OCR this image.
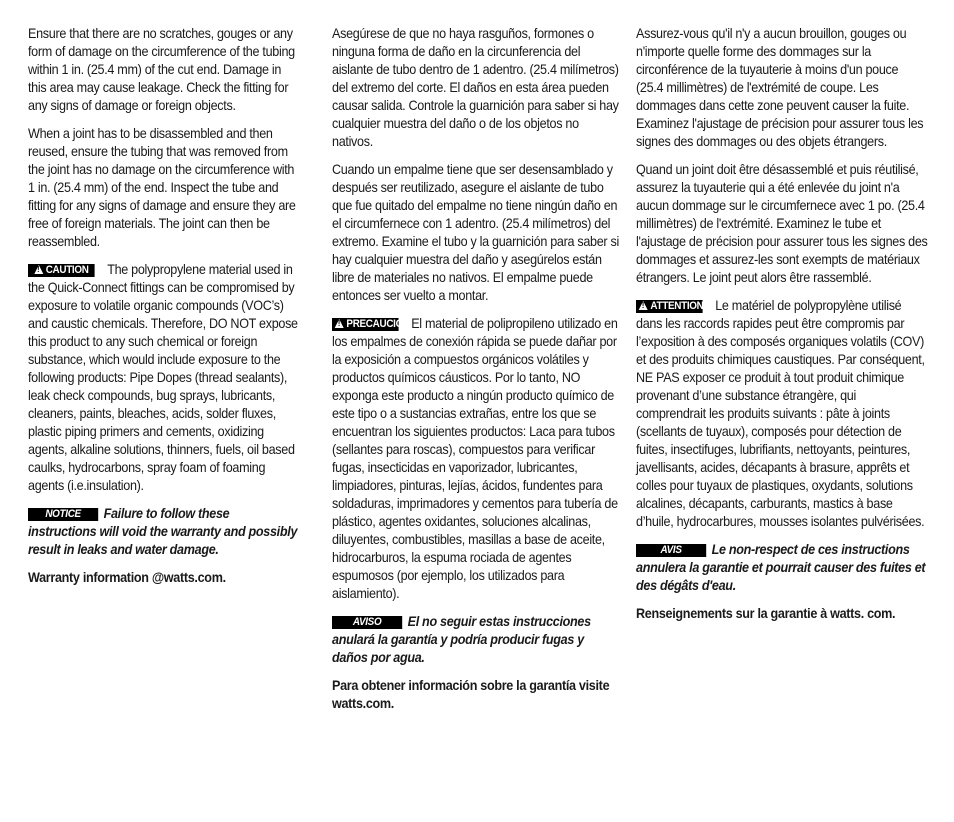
Ensure that there are no scratches, gouges or any form of damage on the circumference of the tubing within 1 in. (25.4 mm) of the cut end. Damage in this area may cause leakage. Check the fitting for any signs of damage or foreign objects.

When a joint has to be disassembled and then reused, ensure the tubing that was removed from the joint has no damage on the circumference with 1 in. (25.4 mm) of the end. Inspect the tube and fitting for any signs of damage and ensure they are free of foreign materials. The joint can then be reassembled.

!CAUTION The polypropylene material used in the Quick-Connect fittings can be compromised by exposure to volatile organic compounds (VOC’s) and caustic chemicals. Therefore, DO NOT expose this product to any such chemical or foreign substance, which would include exposure to the following products: Pipe Dopes (thread sealants), leak check compounds, bug sprays, lubricants, cleaners, paints, bleaches, acids, solder fluxes, plastic piping primers and cements, oxidizing agents, alkaline solutions, thinners, fuels, oil based caulks, hydrocarbons, spray foam of foaming agents (i.e.insulation).

NOTICE Failure to follow these instructions will void the warranty and possibly result in leaks and water damage.

Warranty information @watts.com.

Asegúrese de que no haya rasguños, formones o ninguna forma de daño en la circunferencia del aislante de tubo dentro de 1 adentro. (25.4 milímetros) del extremo del corte. El daños en esta área pueden causar salida. Controle la guarnición para saber si hay cualquier muestra del daño o de los objetos no nativos.

Cuando un empalme tiene que ser desensamblado y después ser reutilizado, asegure el aislante de tubo que fue quitado del empalme no tiene ningún daño en el circumfernece con 1 adentro. (25.4 milímetros) del extremo. Examine el tubo y la guarnición para saber si hay cualquier muestra del daño y asegúrelos están libre de materiales no nativos. El empalme puede entonces ser vuelto a montar.

!PRECAUCIÓNEl material de polipropileno utilizado en los empalmes de conexión rápida se puede dañar por la exposición a compuestos orgánicos volátiles y productos químicos cáusticos. Por lo tanto, NO exponga este producto a ningún producto químico de este tipo o a sustancias extrañas, entre los que se encuentran los siguientes productos: Laca para tubos (sellantes para roscas), compuestos para verificar fugas, insecticidas en vaporizador, lubricantes, limpiadores, pinturas, lejías, ácidos, fundentes para soldaduras, imprimadores y cementos para tubería de plástico, agentes oxidantes, soluciones alcalinas, diluyentes, combustibles, masillas a base de aceite, hidrocarburos, la espuma rociada de agentes espumosos (por ejemplo, los utilizados para aislamiento).

AVISO El no seguir estas instrucciones anulará la garantía y podría producir fugas y daños por agua.

Para obtener información sobre la garantía visite watts.com.

Assurez-vous qu'il n'y a aucun brouillon, gouges ou n'importe quelle forme des dommages sur la circonférence de la tuyauterie à moins d'un pouce (25.4 millimètres) de l'extrémité de coupe. Les dommages dans cette zone peuvent causer la fuite. Examinez l'ajustage de précision pour assurer tous les signes des dommages ou des objets étrangers.

Quand un joint doit être désassemblé et puis réutilisé, assurez la tuyauterie qui a été enlevée du joint n'a aucun dommage sur le circumfernece avec 1 po. (25.4 millimètres) de l'extrémité. Examinez le tube et l'ajustage de précision pour assurer tous les signes des dommages et assurez-les sont exempts de matériaux étrangers. Le joint peut alors être rassemblé.

!ATTENTION Le matériel de polypropylène utilisé dans les raccords rapides peut être compromis par l’exposition à des composés organiques volatils (COV) et des produits chimiques caustiques. Par conséquent, NE PAS exposer ce produit à tout produit chimique provenant d’une substance étrangère, qui comprendrait les produits suivants : pâte à joints (scellants de tuyaux), composés pour détection de fuites, insectifuges, lubrifiants, nettoyants, peintures, javellisants, acides, décapants à brasure, apprêts et colles pour tuyaux de plastiques, oxydants, solutions alcalines, décapants, carburants, mastics à base d’huile, hydrocarbures, mousses isolantes pulvérisées.

AVIS Le non-respect de ces instructions annulera la garantie et pourrait causer des fuites et des dégâts d'eau.

Renseignements sur la garantie à watts. com.
